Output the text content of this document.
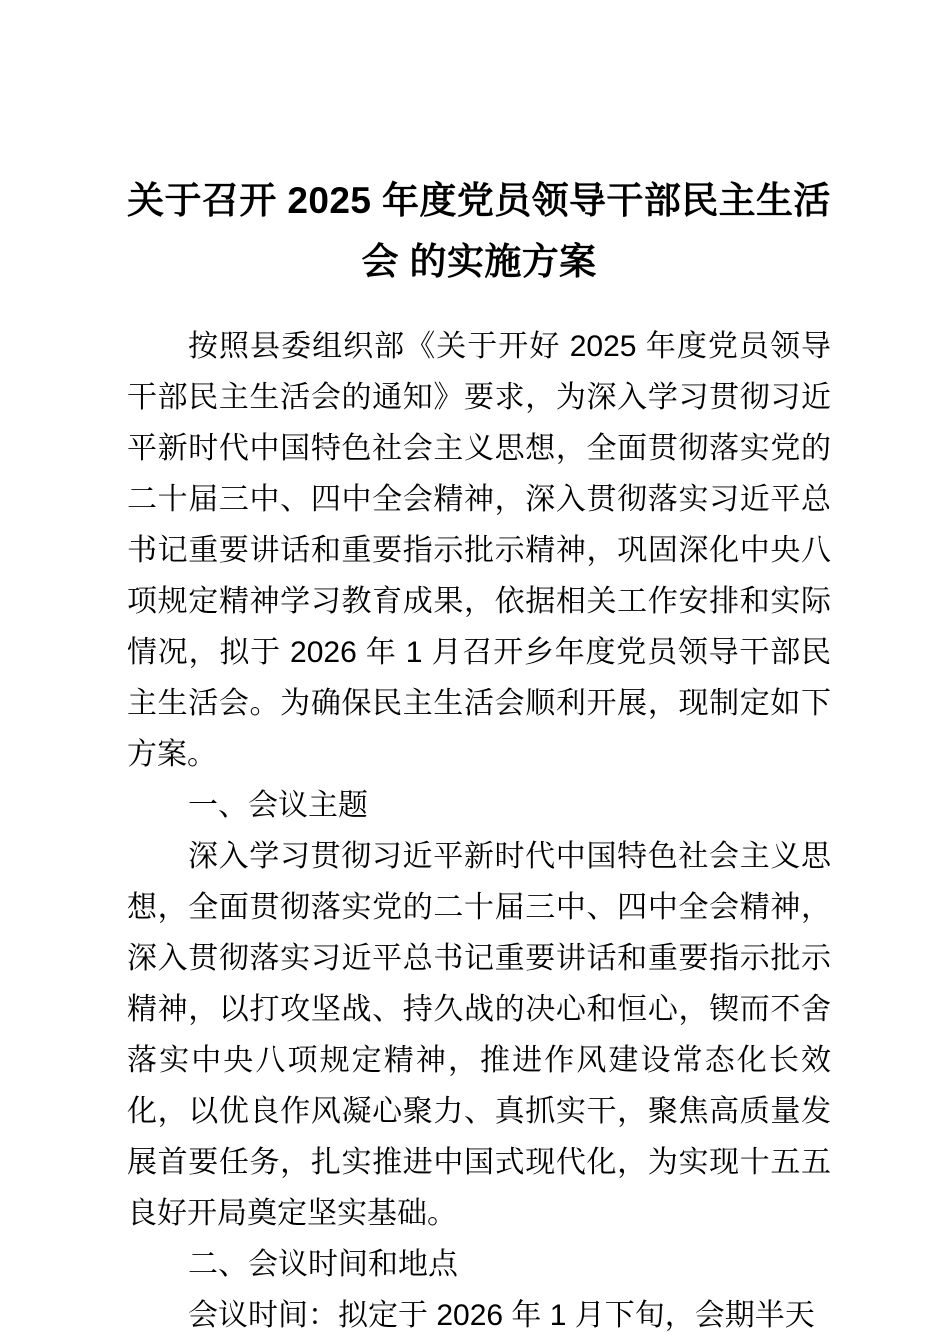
关于召开 2025 年度党员领导干部民主生活会 的实施方案

按照县委组织部《关于开好 2025 年度党员领导干部民主生活会的通知》要求，为深入学习贯彻习近平新时代中国特色社会主义思想，全面贯彻落实党的二十届三中、四中全会精神，深入贯彻落实习近平总书记重要讲话和重要指示批示精神，巩固深化中央八项规定精神学习教育成果，依据相关工作安排和实际情况，拟于 2026 年 1 月召开乡年度党员领导干部民主生活会。为确保民主生活会顺利开展，现制定如下方案。

一、会议主题

深入学习贯彻习近平新时代中国特色社会主义思想，全面贯彻落实党的二十届三中、四中全会精神，深入贯彻落实习近平总书记重要讲话和重要指示批示精神，以打攻坚战、持久战的决心和恒心，锲而不舍落实中央八项规定精神，推进作风建设常态化长效化，以优良作风凝心聚力、真抓实干，聚焦高质量发展首要任务，扎实推进中国式现代化，为实现十五五良好开局奠定坚实基础。

二、会议时间和地点

会议时间：拟定于 2026 年 1 月下旬，会期半天
